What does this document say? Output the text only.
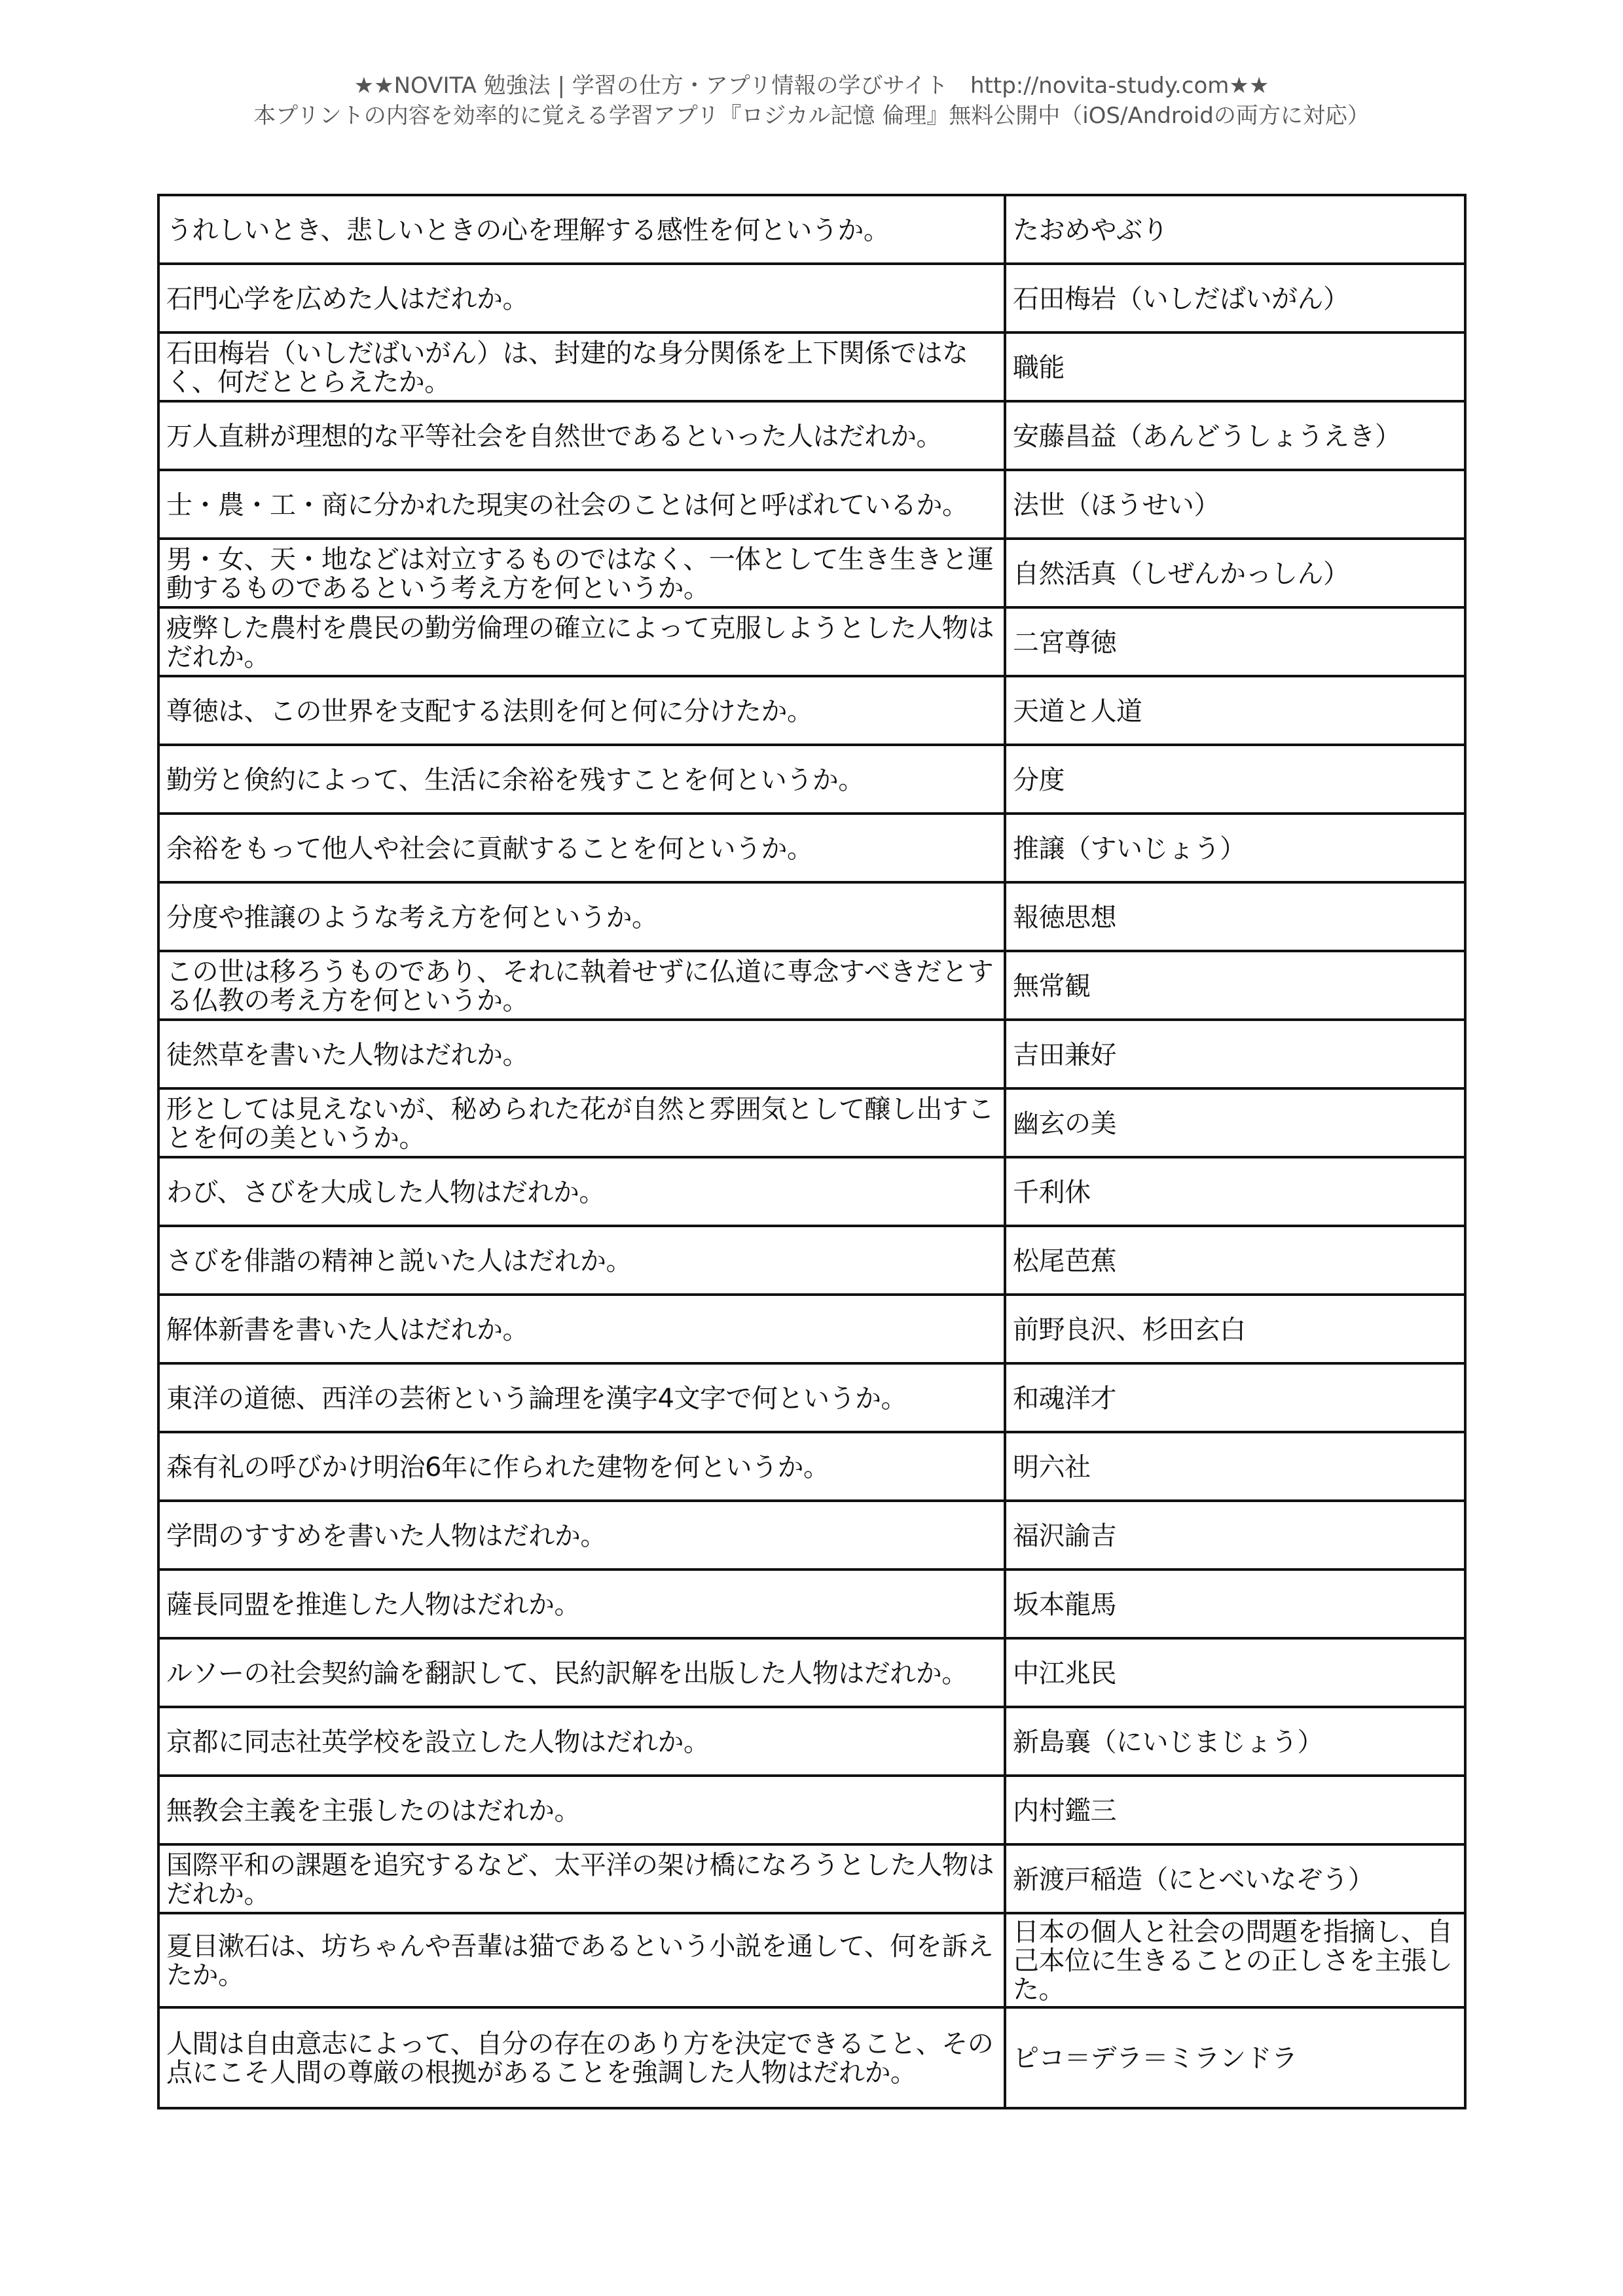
★★NOVITA 勉強法 | 学習の仕方・アプリ情報の学びサイト　http://novita-study.com★★
本プリントの内容を効率的に覚える学習アプリ『ロジカル記憶 倫理』無料公開中（iOS/Androidの両方に対応）
うれしいとき、悲しいときの心を理解する感性を何というか。	たおめやぶり
石門心学を広めた人はだれか。	石田梅岩（いしだばいがん）
石田梅岩（いしだばいがん）は、封建的な身分関係を上下関係ではなく、何だととらえたか。	職能
万人直耕が理想的な平等社会を自然世であるといった人はだれか。	安藤昌益（あんどうしょうえき）
士・農・工・商に分かれた現実の社会のことは何と呼ばれているか。	法世（ほうせい）
男・女、天・地などは対立するものではなく、一体として生き生きと運動するものであるという考え方を何というか。	自然活真（しぜんかっしん）
疲弊した農村を農民の勤労倫理の確立によって克服しようとした人物はだれか。	二宮尊徳
尊徳は、この世界を支配する法則を何と何に分けたか。	天道と人道
勤労と倹約によって、生活に余裕を残すことを何というか。	分度
余裕をもって他人や社会に貢献することを何というか。	推譲（すいじょう）
分度や推譲のような考え方を何というか。	報徳思想
この世は移ろうものであり、それに執着せずに仏道に専念すべきだとする仏教の考え方を何というか。	無常観
徒然草を書いた人物はだれか。	吉田兼好
形としては見えないが、秘められた花が自然と雰囲気として醸し出すことを何の美というか。	幽玄の美
わび、さびを大成した人物はだれか。	千利休
さびを俳諧の精神と説いた人はだれか。	松尾芭蕉
解体新書を書いた人はだれか。	前野良沢、杉田玄白
東洋の道徳、西洋の芸術という論理を漢字4文字で何というか。	和魂洋才
森有礼の呼びかけ明治6年に作られた建物を何というか。	明六社
学問のすすめを書いた人物はだれか。	福沢諭吉
薩長同盟を推進した人物はだれか。	坂本龍馬
ルソーの社会契約論を翻訳して、民約訳解を出版した人物はだれか。	中江兆民
京都に同志社英学校を設立した人物はだれか。	新島襄（にいじまじょう）
無教会主義を主張したのはだれか。	内村鑑三
国際平和の課題を追究するなど、太平洋の架け橋になろうとした人物はだれか。	新渡戸稲造（にとべいなぞう）
夏目漱石は、坊ちゃんや吾輩は猫であるという小説を通して、何を訴えたか。	日本の個人と社会の問題を指摘し、自己本位に生きることの正しさを主張した。
人間は自由意志によって、自分の存在のあり方を決定できること、その点にこそ人間の尊厳の根拠があることを強調した人物はだれか。	ピコ＝デラ＝ミランドラ
